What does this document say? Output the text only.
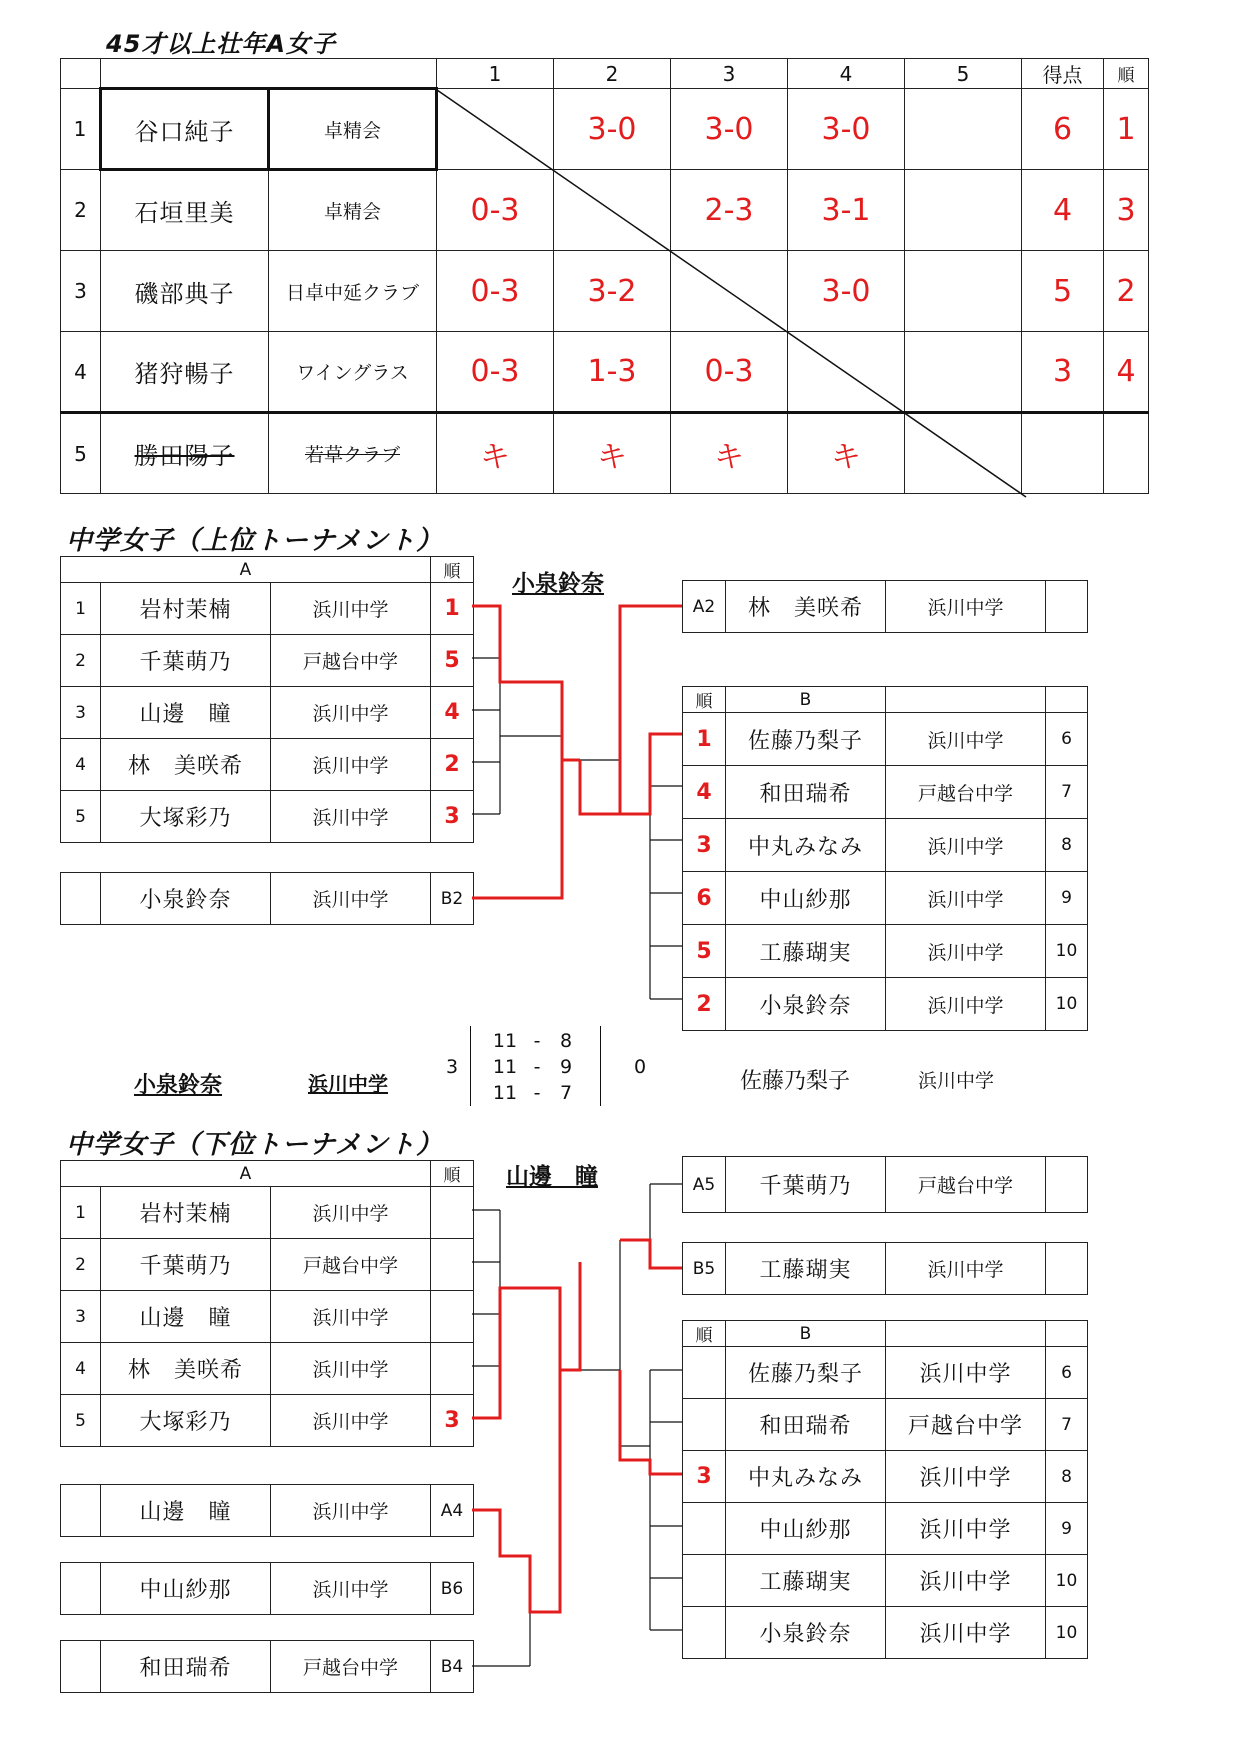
45才以上壮年A女子
			1	2	3	4	5	得点	順
1	谷口純子	卓精会		3-0	3-0	3-0		6	1
2	石垣里美	卓精会	0-3		2-3	3-1		4	3
3	磯部典子	日卓中延クラブ	0-3	3-2		3-0		5	2
4	猪狩暢子	ワイングラス	0-3	1-3	0-3			3	4
5	勝田陽子	若草クラブ	キ	キ	キ	キ			
中学女子（上位トーナメント）
小泉鈴奈
A			順
1	岩村茉楠	浜川中学	1
2	千葉萌乃	戸越台中学	5
3	山邊　瞳	浜川中学	4
4	林　美咲希	浜川中学	2
5	大塚彩乃	浜川中学	3
	小泉鈴奈	浜川中学	B2
A2	林　美咲希	浜川中学	
順	B		
1	佐藤乃梨子	浜川中学	6
4	和田瑞希	戸越台中学	7
3	中丸みなみ	浜川中学	8
6	中山紗那	浜川中学	9
5	工藤瑚実	浜川中学	10
2	小泉鈴奈	浜川中学	10
小泉鈴奈	浜川中学
3
11 - 8
11 - 9
11 - 7
0
佐藤乃梨子	浜川中学
中学女子（下位トーナメント）
山邊　瞳
A			順
1	岩村茉楠	浜川中学	
2	千葉萌乃	戸越台中学	
3	山邊　瞳	浜川中学	
4	林　美咲希	浜川中学	
5	大塚彩乃	浜川中学	3
	山邊　瞳	浜川中学	A4
	中山紗那	浜川中学	B6
	和田瑞希	戸越台中学	B4
A5	千葉萌乃	戸越台中学	
B5	工藤瑚実	浜川中学	
順	B		
	佐藤乃梨子	浜川中学	6
	和田瑞希	戸越台中学	7
3	中丸みなみ	浜川中学	8
	中山紗那	浜川中学	9
	工藤瑚実	浜川中学	10
	小泉鈴奈	浜川中学	10
